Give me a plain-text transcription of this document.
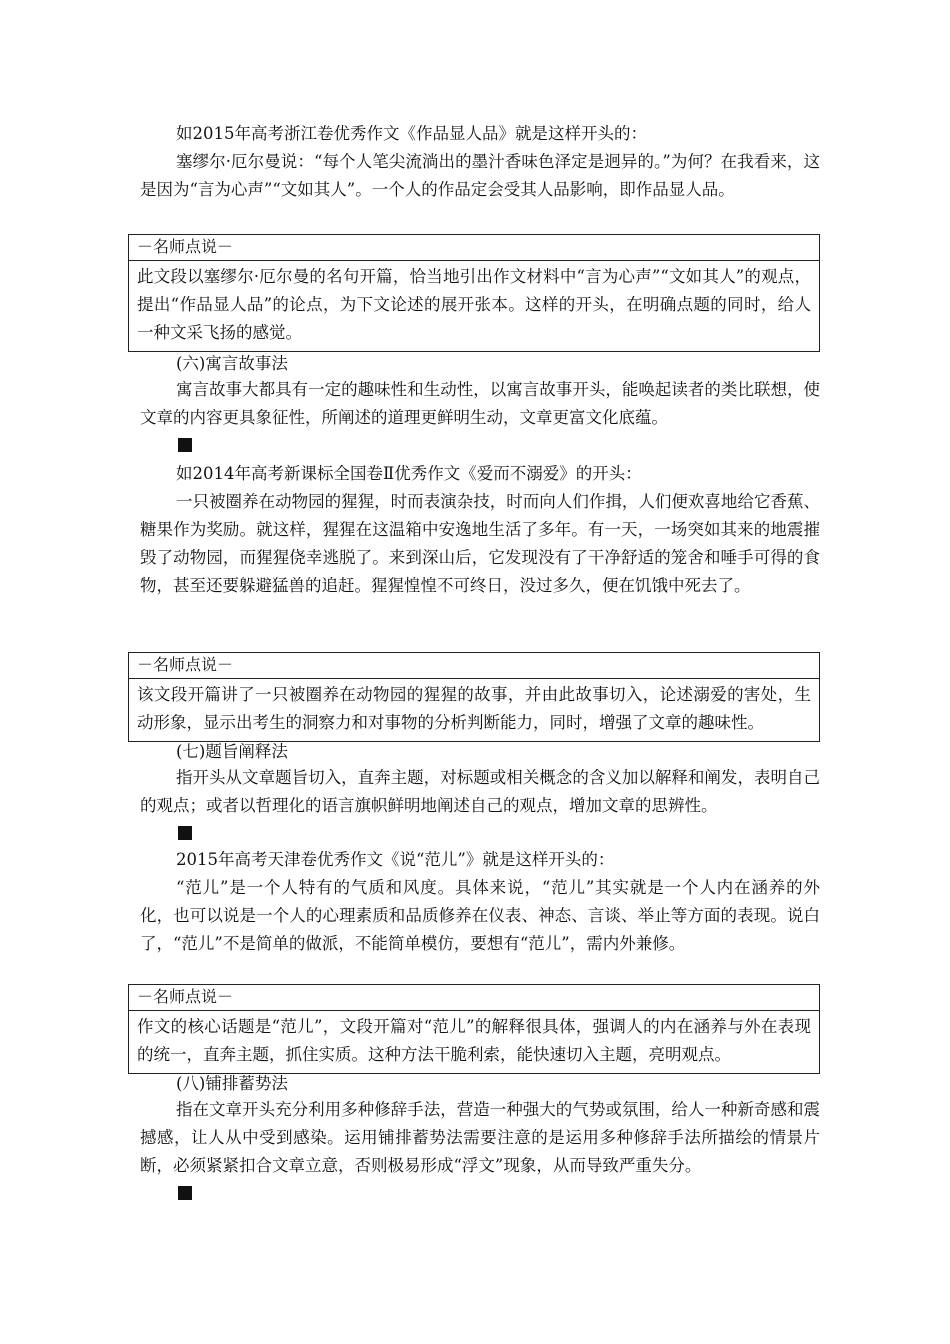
如2015年高考浙江卷优秀作文《作品显人品》就是这样开头的：

塞缪尔·厄尔曼说：“每个人笔尖流淌出的墨汁香味色泽定是迥异的。”为何？在我看来，这是因为“言为心声”“文如其人”。一个人的作品定会受其人品影响，即作品显人品。

－名师点说－
此文段以塞缪尔·厄尔曼的名句开篇，恰当地引出作文材料中“言为心声”“文如其人”的观点，提出“作品显人品”的论点，为下文论述的展开张本。这样的开头，在明确点题的同时，给人一种文采飞扬的感觉。

(六)寓言故事法

寓言故事大都具有一定的趣味性和生动性，以寓言故事开头，能唤起读者的类比联想，使文章的内容更具象征性，所阐述的道理更鲜明生动，文章更富文化底蕴。

如2014年高考新课标全国卷Ⅱ优秀作文《爱而不溺爱》的开头：

一只被圈养在动物园的猩猩，时而表演杂技，时而向人们作揖，人们便欢喜地给它香蕉、糖果作为奖励。就这样，猩猩在这温箱中安逸地生活了多年。有一天，一场突如其来的地震摧毁了动物园，而猩猩侥幸逃脱了。来到深山后，它发现没有了干净舒适的笼舍和唾手可得的食物，甚至还要躲避猛兽的追赶。猩猩惶惶不可终日，没过多久，便在饥饿中死去了。

－名师点说－
该文段开篇讲了一只被圈养在动物园的猩猩的故事，并由此故事切入，论述溺爱的害处，生动形象，显示出考生的洞察力和对事物的分析判断能力，同时，增强了文章的趣味性。

(七)题旨阐释法

指开头从文章题旨切入，直奔主题，对标题或相关概念的含义加以解释和阐发，表明自己的观点；或者以哲理化的语言旗帜鲜明地阐述自己的观点，增加文章的思辨性。

2015年高考天津卷优秀作文《说“范儿”》就是这样开头的：

“范儿”是一个人特有的气质和风度。具体来说，“范儿”其实就是一个人内在涵养的外化，也可以说是一个人的心理素质和品质修养在仪表、神态、言谈、举止等方面的表现。说白了，“范儿”不是简单的做派，不能简单模仿，要想有“范儿”，需内外兼修。

－名师点说－
作文的核心话题是“范儿”，文段开篇对“范儿”的解释很具体，强调人的内在涵养与外在表现的统一，直奔主题，抓住实质。这种方法干脆利索，能快速切入主题，亮明观点。

(八)铺排蓄势法

指在文章开头充分利用多种修辞手法，营造一种强大的气势或氛围，给人一种新奇感和震撼感，让人从中受到感染。运用铺排蓄势法需要注意的是运用多种修辞手法所描绘的情景片断，必须紧紧扣合文章立意，否则极易形成“浮文”现象，从而导致严重失分。
